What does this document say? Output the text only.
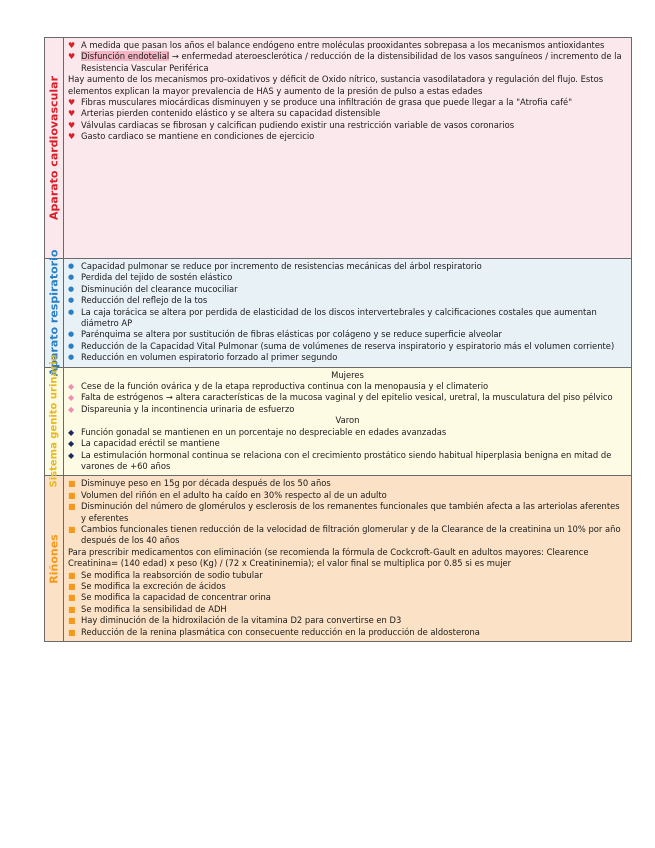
Aparato cardiovascular
♥ A medida que pasan los años el balance endógeno entre moléculas prooxidantes sobrepasa a los mecanismos antioxidantes
♥ Disfunción endotelial → enfermedad ateroesclerótica / reducción de la distensibilidad de los vasos sanguíneos / incremento de la Resistencia Vascular Periférica
Hay aumento de los mecanismos pro-oxidativos y déficit de Oxido nítrico, sustancia vasodilatadora y regulación del flujo. Estos elementos explican la mayor prevalencia de HAS y aumento de la presión de pulso a estas edades
♥ Fibras musculares miocárdicas disminuyen y se produce una infiltración de grasa que puede llegar a la "Atrofia café"
♥ Arterias pierden contenido elástico y se altera su capacidad distensible
♥ Válvulas cardiacas se fibrosan y calcifican pudiendo existir una restricción variable de vasos coronarios
♥ Gasto cardiaco se mantiene en condiciones de ejercicio
Aparato respiratorio ● Capacidad pulmonar se reduce por incremento de resistencias mecánicas del árbol respiratorio
● Perdida del tejido de sostén elástico
● Disminución del clearance mucociliar
● Reducción del reflejo de la tos
● La caja torácica se altera por perdida de elasticidad de los discos intervertebrales y calcificaciones costales que aumentan diámetro AP
● Parénquima se altera por sustitución de fibras elásticas por colágeno y se reduce superficie alveolar
● Reducción de la Capacidad Vital Pulmonar (suma de volúmenes de reserva inspiratorio y espiratorio más el volumen corriente)
● Reducción en volumen espiratorio forzado al primer segundo
Sistema genito urinario	Mujeres
◆ Cese de la función ovárica y de la etapa reproductiva continua con la menopausia y el climaterio
◆ Falta de estrógenos → altera características de la mucosa vaginal y del epitelio vesical, uretral, la musculatura del piso pélvico
◆ Dispareunia y la incontinencia urinaria de esfuerzo
Varon
◆ Función gonadal se mantienen en un porcentaje no despreciable en edades avanzadas
◆ La capacidad eréctil se mantiene
◆ La estimulación hormonal continua se relaciona con el crecimiento prostático siendo habitual hiperplasia benigna en mitad de varones de +60 años
Riñones
■ Disminuye peso en 15g por década después de los 50 años
■ Volumen del riñón en el adulto ha caído en 30% respecto al de un adulto
■ Disminución del número de glomérulos y esclerosis de los remanentes funcionales que también afecta a las arteriolas aferentes y eferentes
■ Cambios funcionales tienen reducción de la velocidad de filtración glomerular y de la Clearance de la creatinina un 10% por año después de los 40 años
Para prescribir medicamentos con eliminación (se recomienda la fórmula de Cockcroft-Gault en adultos mayores: Clearence Creatinina= (140 edad) x peso (Kg) / (72 x Creatininemia); el valor final se multiplica por 0.85 si es mujer
■ Se modifica la reabsorción de sodio tubular
■ Se modifica la excreción de ácidos
■ Se modifica la capacidad de concentrar orina
■ Se modifica la sensibilidad de ADH
■ Hay diminución de la hidroxilación de la vitamina D2 para convertirse en D3
■ Reducción de la renina plasmática con consecuente reducción en la producción de aldosterona
